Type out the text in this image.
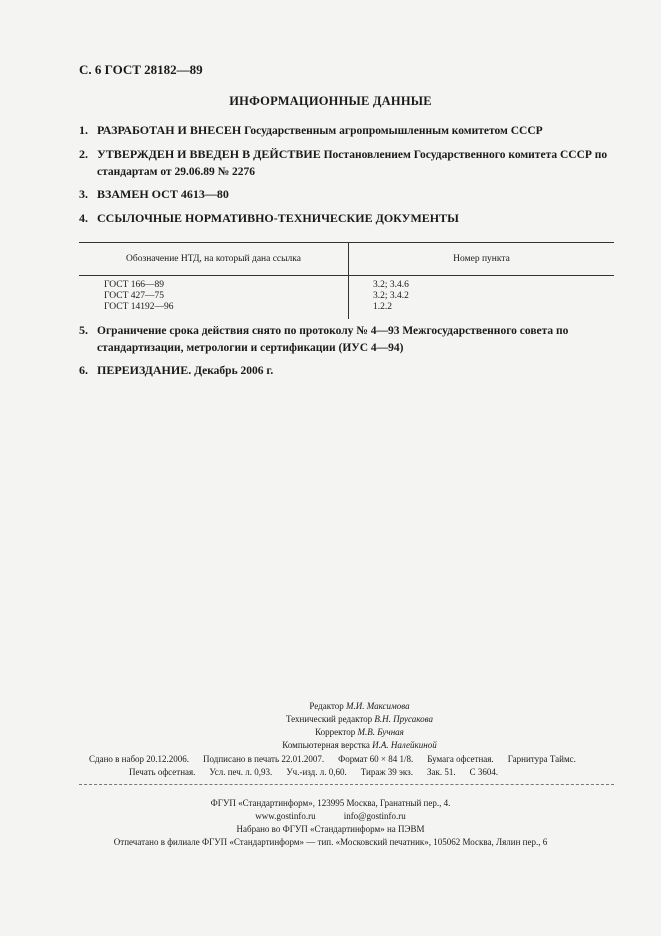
С. 6 ГОСТ 28182—89
ИНФОРМАЦИОННЫЕ ДАННЫЕ
1. РАЗРАБОТАН И ВНЕСЕН Государственным агропромышленным комитетом СССР
2. УТВЕРЖДЕН И ВВЕДЕН В ДЕЙСТВИЕ Постановлением Государственного комитета СССР по стандартам от 29.06.89 № 2276
3. ВЗАМЕН ОСТ 4613—80
4. ССЫЛОЧНЫЕ НОРМАТИВНО-ТЕХНИЧЕСКИЕ ДОКУМЕНТЫ
Обозначение НТД, на который дана ссылка	Номер пункта
ГОСТ 166—89	3.2; 3.4.6
ГОСТ 427—75	3.2; 3.4.2
ГОСТ 14192—96	1.2.2
5. Ограничение срока действия снято по протоколу № 4—93 Межгосударственного совета по стандартизации, метрологии и сертификации (ИУС 4—94)
6. ПЕРЕИЗДАНИЕ. Декабрь 2006 г.
Редактор М.И. Максимова
Технический редактор В.Н. Прусакова
Корректор М.В. Бучная
Компьютерная верстка И.А. Налейкиной
Сдано в набор 20.12.2006. Подписано в печать 22.01.2007. Формат 60 × 84 1/8. Бумага офсетная. Гарнитура Таймс.
Печать офсетная. Усл. печ. л. 0,93. Уч.-изд. л. 0,60. Тираж 39 экз. Зак. 51. С 3604.
ФГУП «Стандартинформ», 123995 Москва, Гранатный пер., 4.
www.gostinfo.ru	info@gostinfo.ru
Набрано во ФГУП «Стандартинформ» на ПЭВМ
Отпечатано в филиале ФГУП «Стандартинформ» — тип. «Московский печатник», 105062 Москва, Лялин пер., 6
